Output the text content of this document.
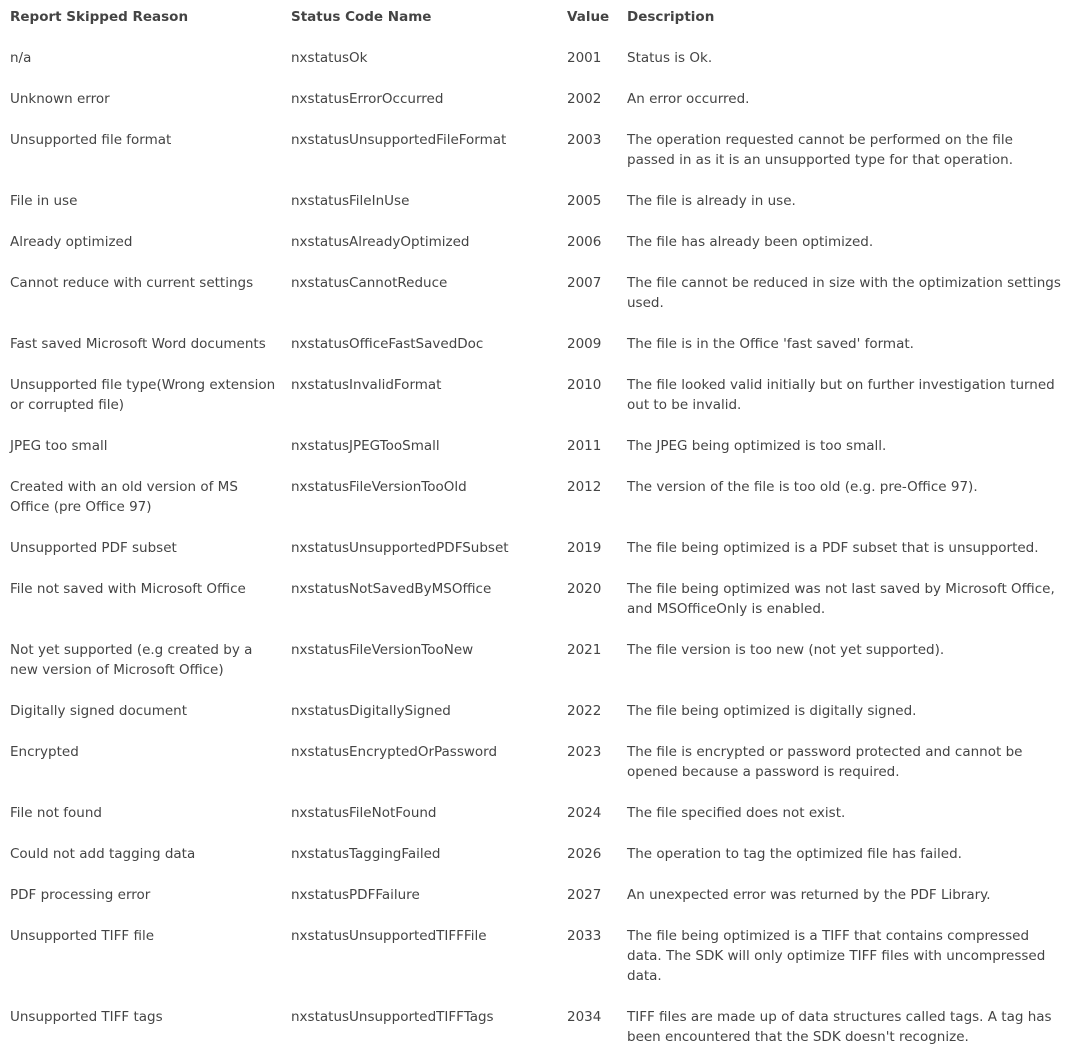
Report Skipped Reason	Status Code Name	Value	Description
n/a	nxstatusOk	2001	Status is Ok.
Unknown error	nxstatusErrorOccurred	2002	An error occurred.
Unsupported file format	nxstatusUnsupportedFileFormat	2003	The operation requested cannot be performed on the file passed in as it is an unsupported type for that operation.
File in use	nxstatusFileInUse	2005	The file is already in use.
Already optimized	nxstatusAlreadyOptimized	2006	The file has already been optimized.
Cannot reduce with current settings	nxstatusCannotReduce	2007	The file cannot be reduced in size with the optimization settings used.
Fast saved Microsoft Word documents	nxstatusOfficeFastSavedDoc	2009	The file is in the Office 'fast saved' format.
Unsupported file type(Wrong extension or corrupted file)	nxstatusInvalidFormat	2010	The file looked valid initially but on further investigation turned out to be invalid.
JPEG too small	nxstatusJPEGTooSmall	2011	The JPEG being optimized is too small.
Created with an old version of MS Office (pre Office 97)	nxstatusFileVersionTooOld	2012	The version of the file is too old (e.g. pre-Office 97).
Unsupported PDF subset	nxstatusUnsupportedPDFSubset	2019	The file being optimized is a PDF subset that is unsupported.
File not saved with Microsoft Office	nxstatusNotSavedByMSOffice	2020	The file being optimized was not last saved by Microsoft Office, and MSOfficeOnly is enabled.
Not yet supported (e.g created by a new version of Microsoft Office)	nxstatusFileVersionTooNew	2021	The file version is too new (not yet supported).
Digitally signed document	nxstatusDigitallySigned	2022	The file being optimized is digitally signed.
Encrypted	nxstatusEncryptedOrPassword	2023	The file is encrypted or password protected and cannot be opened because a password is required.
File not found	nxstatusFileNotFound	2024	The file specified does not exist.
Could not add tagging data	nxstatusTaggingFailed	2026	The operation to tag the optimized file has failed.
PDF processing error	nxstatusPDFFailure	2027	An unexpected error was returned by the PDF Library.
Unsupported TIFF file	nxstatusUnsupportedTIFFFile	2033	The file being optimized is a TIFF that contains compressed data. The SDK will only optimize TIFF files with uncompressed data.
Unsupported TIFF tags	nxstatusUnsupportedTIFFTags	2034	TIFF files are made up of data structures called tags. A tag has been encountered that the SDK doesn't recognize.
